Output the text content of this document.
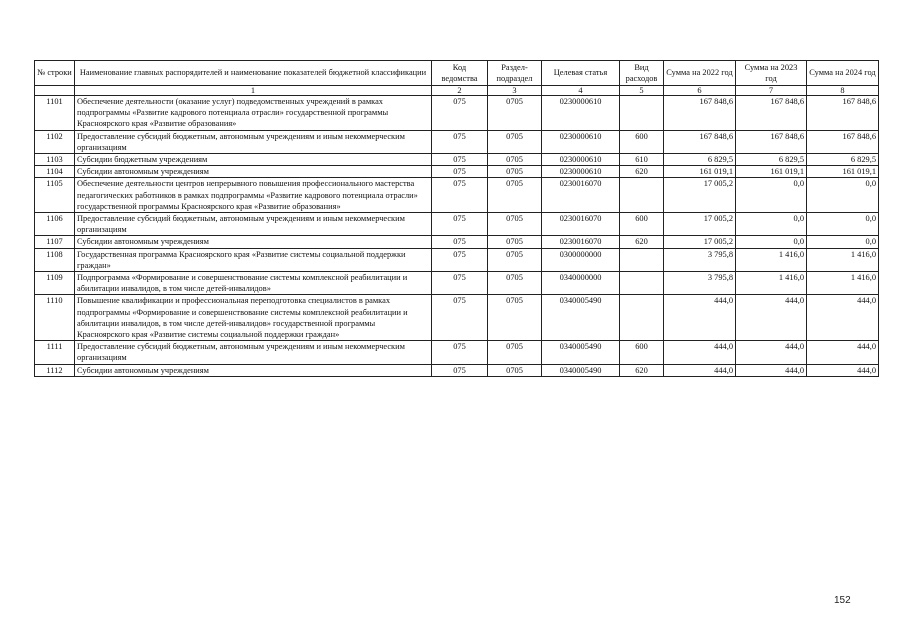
№ строки	Наименование главных распорядителей и наименование показателей бюджетной классификации	Код ведомства	Раздел-подраздел	Целевая статья	Вид расходов	Сумма на 2022 год	Сумма на 2023 год	Сумма на 2024 год
	1	2	3	4	5	6	7	8
1101	Обеспечение деятельности (оказание услуг) подведомственных учреждений в рамках подпрограммы «Развитие кадрового потенциала отрасли» государственной программы Красноярского края «Развитие образования»	075	0705	0230000610		167 848,6	167 848,6	167 848,6
1102	Предоставление субсидий бюджетным, автономным учреждениям и иным некоммерческим организациям	075	0705	0230000610	600	167 848,6	167 848,6	167 848,6
1103	Субсидии бюджетным учреждениям	075	0705	0230000610	610	6 829,5	6 829,5	6 829,5
1104	Субсидии автономным учреждениям	075	0705	0230000610	620	161 019,1	161 019,1	161 019,1
1105	Обеспечение деятельности центров непрерывного повышения профессионального мастерства педагогических работников в рамках подпрограммы «Развитие кадрового потенциала отрасли» государственной программы Красноярского края «Развитие образования»	075	0705	0230016070		17 005,2	0,0	0,0
1106	Предоставление субсидий бюджетным, автономным учреждениям и иным некоммерческим организациям	075	0705	0230016070	600	17 005,2	0,0	0,0
1107	Субсидии автономным учреждениям	075	0705	0230016070	620	17 005,2	0,0	0,0
1108	Государственная программа Красноярского края «Развитие системы социальной поддержки граждан»	075	0705	0300000000		3 795,8	1 416,0	1 416,0
1109	Подпрограмма «Формирование и совершенствование системы комплексной реабилитации и абилитации инвалидов, в том числе детей-инвалидов»	075	0705	0340000000		3 795,8	1 416,0	1 416,0
1110	Повышение квалификации и профессиональная переподготовка специалистов в рамках подпрограммы «Формирование и совершенствование системы комплексной реабилитации и абилитации инвалидов, в том числе детей-инвалидов» государственной программы Красноярского края «Развитие системы социальной поддержки граждан»	075	0705	0340005490		444,0	444,0	444,0
1111	Предоставление субсидий бюджетным, автономным учреждениям и иным некоммерческим организациям	075	0705	0340005490	600	444,0	444,0	444,0
1112	Субсидии автономным учреждениям	075	0705	0340005490	620	444,0	444,0	444,0
152
